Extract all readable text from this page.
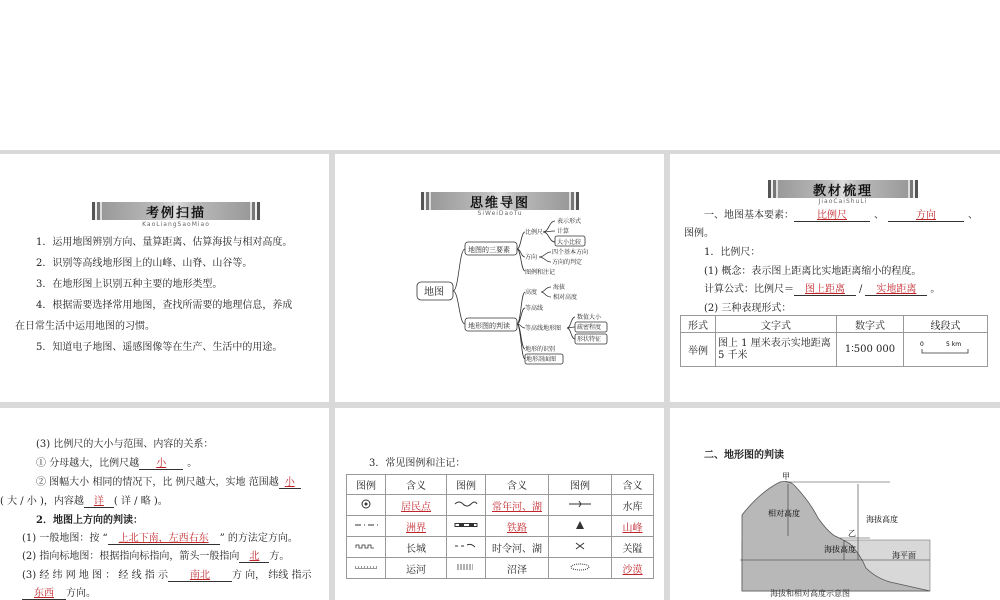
考例扫描
KaoLiangSaoMiao
1．运用地图辨别方向、量算距离、估算海拔与相对高度。
2．识别等高线地形图上的山峰、山脊、山谷等。
3．在地形图上识别五种主要的地形类型。
4．根据需要选择常用地图，查找所需要的地理信息，养成
在日常生活中运用地图的习惯。
5．知道电子地图、遥感图像等在生产、生活中的用途。
思维导图
SiWeiDaoTu
地图
地图的三要素
地形图的判读
比例尺
方向
图例和注记
表示形式
计算
大小比较
四个基本方向
方向的判定
高度
等高线
等高线地形图
地形的识别
地形剖面图
海拔
相对高度
数值大小
疏密程度
形状特征
教材梳理
JiaoCaiShuLi
一、地图基本要素： 比例尺	、	方向	、
图例。
1．比例尺：
(1) 概念：表示图上距离比实地距离缩小的程度。
计算公式：比例尺＝ 图上距离 / 实地距离 。
(2) 三种表现形式：
形式	文字式	数字式	线段式
举例	图上 1 厘米表示实地距离 5 千米	1∶500 000	0 5 km
(3) 比例尺的大小与范围、内容的关系：
① 分母越大，比例尺越 小 。
② 图幅大小 相同的情况下，比 例尺越大，实地 范围越 小
( 大 / 小 )，内容越 详 ( 详 / 略 )。
2．地图上方向的判读：
(1) 一般地图：按 “ 上北下南，左西右东 ” 的方法定方向。
(2) 指向标地图：根据指向标指向，箭头一般指向 北 方。
(3) 经 纬 网 地 图 ： 经 线 指 示 南北 方 向， 纬线 指示
东西 方向。
3．常见图例和注记：
图例	含义	图例	含义	图例	含义
	居民点		常年河、湖		水库
	洲界		铁路		山峰
	长城		时令河、湖		关隘
	运河		沼泽		沙漠
二、地形图的判读
甲
乙
相对高度
海拔高度
海拔高度
海平面
海拔和相对高度示意图
